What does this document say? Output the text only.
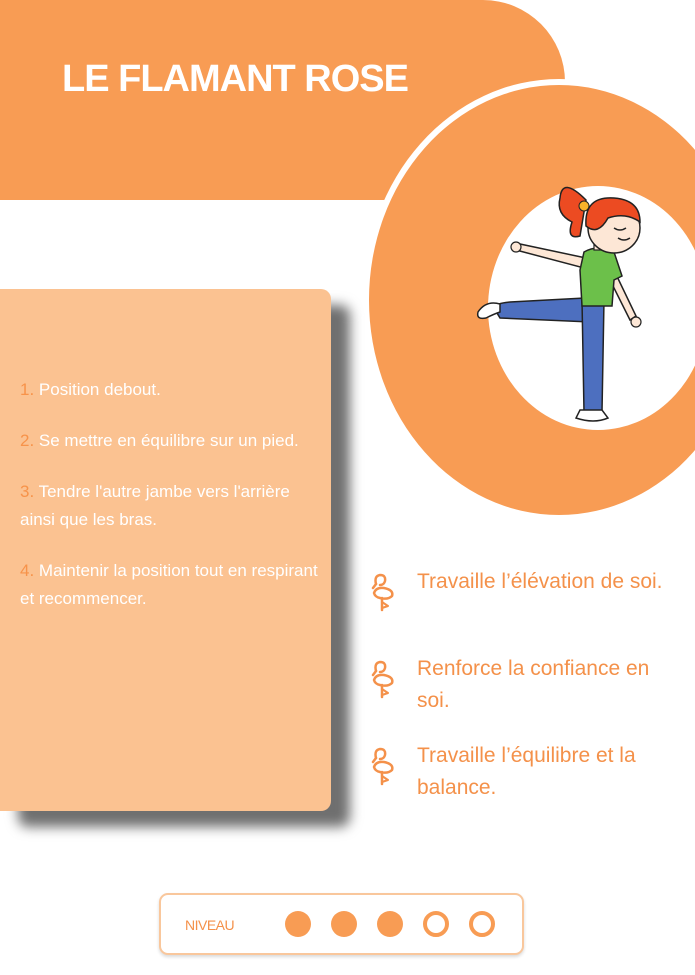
LE FLAMANT ROSE
1. Position debout.
2. Se mettre en équilibre sur un pied.
3. Tendre l'autre jambe vers l'arrière ainsi que les bras.
4. Maintenir la position tout en respirant et recommencer.
Travaille l’élévation de soi.
Renforce la confiance en soi.
Travaille l’équilibre et la balance.
NIVEAU
